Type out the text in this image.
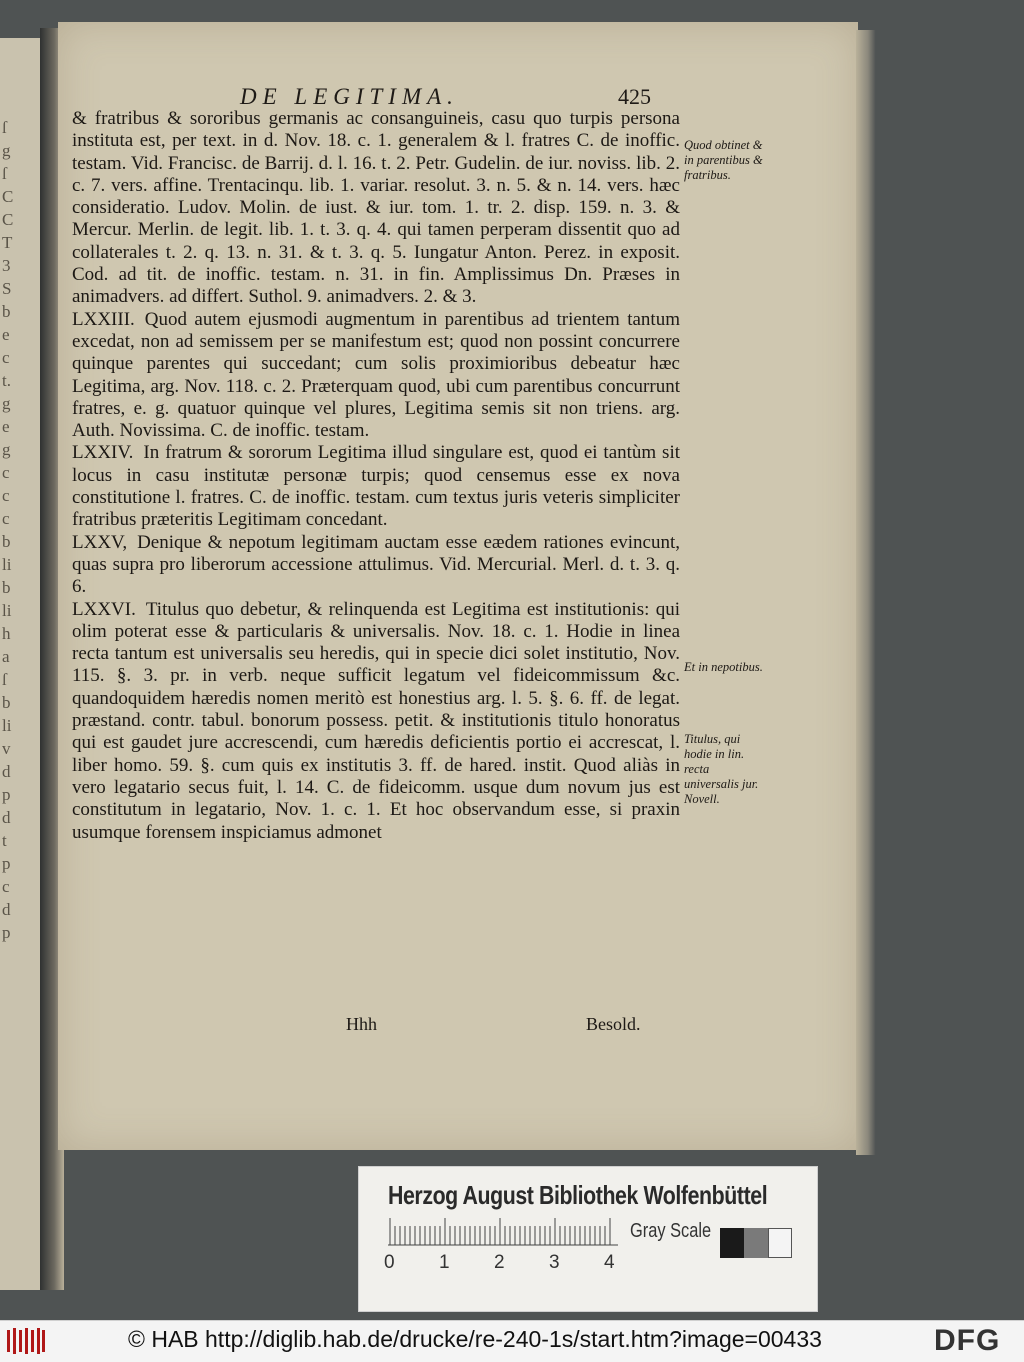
ſ
g
ſ
C
C
T
3
S
b
e
c
t.
g
e
g
c
c
c
b
li
b
li
h
a
ſ
b
li
v
d
p
d
t
p
c
d
p
DE LEGITIMA.	425

& fratribus & sororibus germanis ac consanguineis, casu quo turpis persona instituta est, per text. in d. Nov. 18. c. 1. generalem & l. fratres C. de inoffic. testam. Vid. Francisc. de Barrij. d. l. 16. t. 2. Petr. Gudelin. de iur. noviss. lib. 2. c. 7. vers. affine. Trentacinqu. lib. 1. variar. resolut. 3. n. 5. & n. 14. vers. hæc consideratio. Ludov. Molin. de iust. & iur. tom. 1. tr. 2. disp. 159. n. 3. & Mercur. Merlin. de legit. lib. 1. t. 3. q. 4. qui tamen perperam dissentit quo ad collaterales t. 2. q. 13. n. 31. & t. 3. q. 5. Iungatur Anton. Perez. in exposit. Cod. ad tit. de inoffic. testam. n. 31. in fin. Amplissimus Dn. Præses in animadvers. ad differt. Suthol. 9. animadvers. 2. & 3.

LXXIII. Quod autem ejusmodi augmentum in parentibus ad trientem tantum excedat, non ad semissem per se manifestum est; quod non possint concurrere quinque parentes qui succedant; cum solis proximioribus debeatur hæc Legitima, arg. Nov. 118. c. 2. Præterquam quod, ubi cum parentibus concurrunt fratres, e. g. quatuor quinque vel plures, Legitima semis sit non triens. arg. Auth. Novissima. C. de inoffic. testam.

LXXIV. In fratrum & sororum Legitima illud singulare est, quod ei tantùm sit locus in casu institutæ personæ turpis; quod censemus esse ex nova constitutione l. fratres. C. de inoffic. testam. cum textus juris veteris simpliciter fratribus præteritis Legitimam concedant.

LXXV, Denique & nepotum legitimam auctam esse eædem rationes evincunt, quas supra pro liberorum accessione attulimus. Vid. Mercurial. Merl. d. t. 3. q. 6.

LXXVI. Titulus quo debetur, & relinquenda est Legitima est institutionis: qui olim poterat esse & particularis & universalis. Nov. 18. c. 1. Hodie in linea recta tantum est universalis seu heredis, qui in specie dici solet institutio, Nov. 115. §. 3. pr. in verb. neque sufficit legatum vel fideicommissum &c. quandoquidem hæredis nomen meritò est honestius arg. l. 5. §. 6. ff. de legat. præstand. contr. tabul. bonorum possess. petit. & institutionis titulo honoratus qui est gaudet jure accrescendi, cum hæredis deficientis portio ei accrescat, l. liber homo. 59. §. cum quis ex institutis 3. ff. de hared. instit. Quod aliàs in vero legatario secus fuit, l. 14. C. de fideicomm. usque dum novum jus est constitutum in legatario, Nov. 1. c. 1. Et hoc observandum esse, si praxin usumque forensem inspiciamus admonet

Quod obtinet & in parentibus & fratribus.
Et in nepotibus.
Titulus, qui hodie in lin. recta universalis jur. Novell.
Hhh	Besold.
Herzog August Bibliothek Wolfenbüttel
0 1 2 3 4
Gray Scale
© HAB http://diglib.hab.de/drucke/re-240-1s/start.htm?image=00433	DFG
